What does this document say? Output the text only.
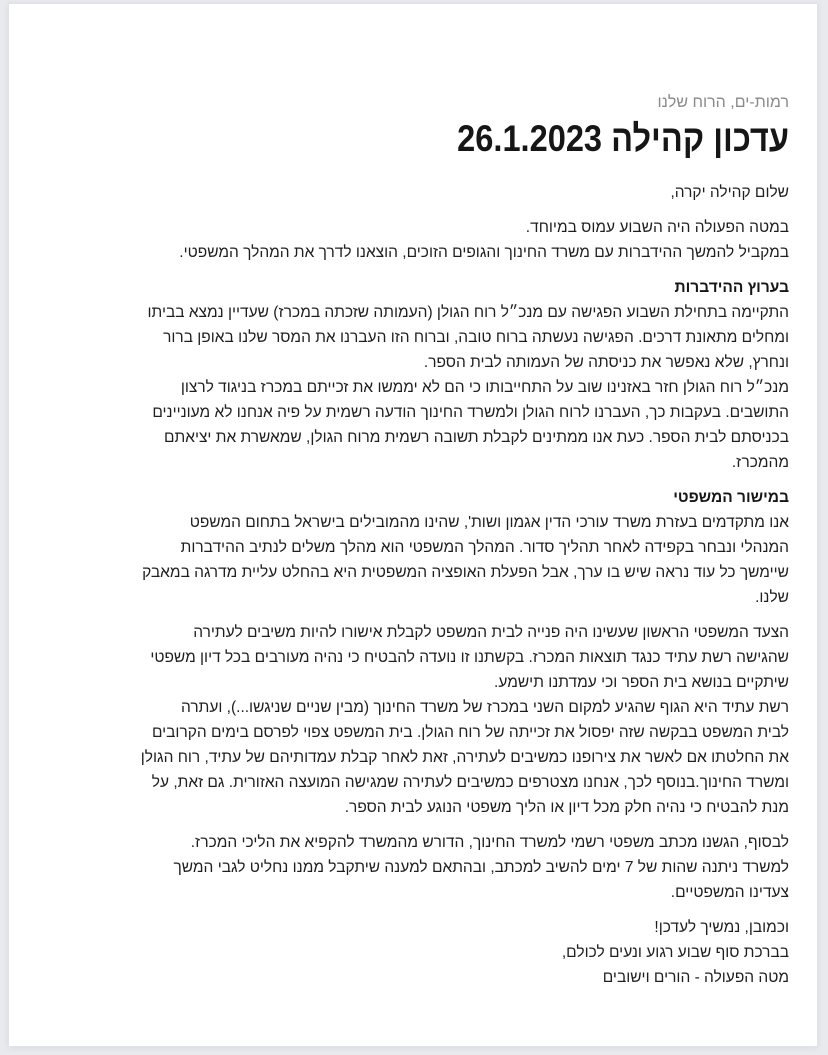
רמות-ים, הרוח שלנו
עדכון קהילה 26.1.2023

שלום קהילה יקרה,

במטה הפעולה היה השבוע עמוס במיוחד.
במקביל להמשך ההידברות עם משרד החינוך והגופים הזוכים, הוצאנו לדרך את המהלך המשפטי.
בערוץ ההידברות
התקיימה בתחילת השבוע הפגישה עם מנכ״ל רוח הגולן (העמותה שזכתה במכרז) שעדיין נמצא בביתו
ומחלים מתאונת דרכים. הפגישה נעשתה ברוח טובה, וברוח הזו העברנו את המסר שלנו באופן ברור
ונחרץ, שלא נאפשר את כניסתה של העמותה לבית הספר.
מנכ״ל רוח הגולן חזר באזנינו שוב על התחייבותו כי הם לא יממשו את זכייתם במכרז בניגוד לרצון
התושבים. בעקבות כך, העברנו לרוח הגולן ולמשרד החינוך הודעה רשמית על פיה אנחנו לא מעוניינים
בכניסתם לבית הספר. כעת אנו ממתינים לקבלת תשובה רשמית מרוח הגולן, שמאשרת את יציאתם
מהמכרז.
במישור המשפטי
אנו מתקדמים בעזרת משרד עורכי הדין אגמון ושות', שהינו מהמובילים בישראל בתחום המשפט
המנהלי ונבחר בקפידה לאחר תהליך סדור. המהלך המשפטי הוא מהלך משלים לנתיב ההידברות
שיימשך כל עוד נראה שיש בו ערך, אבל הפעלת האופציה המשפטית היא בהחלט עליית מדרגה במאבק
שלנו.
הצעד המשפטי הראשון שעשינו היה פנייה לבית המשפט לקבלת אישורו להיות משיבים לעתירה
שהגישה רשת עתיד כנגד תוצאות המכרז. בקשתנו זו נועדה להבטיח כי נהיה מעורבים בכל דיון משפטי
שיתקיים בנושא בית הספר וכי עמדתנו תישמע.
רשת עתיד היא הגוף שהגיע למקום השני במכרז של משרד החינוך (מבין שניים שניגשו...), ועתרה
לבית המשפט בבקשה שזה יפסול את זכייתה של רוח הגולן. בית המשפט צפוי לפרסם בימים הקרובים
את החלטתו אם לאשר את צירופנו כמשיבים לעתירה, זאת לאחר קבלת עמדותיהם של עתיד, רוח הגולן
ומשרד החינוך.בנוסף לכך, אנחנו מצטרפים כמשיבים לעתירה שמגישה המועצה האזורית. גם זאת, על
מנת להבטיח כי נהיה חלק מכל דיון או הליך משפטי הנוגע לבית הספר.
לבסוף, הגשנו מכתב משפטי רשמי למשרד החינוך, הדורש מהמשרד להקפיא את הליכי המכרז.
למשרד ניתנה שהות של 7 ימים להשיב למכתב, ובהתאם למענה שיתקבל ממנו נחליט לגבי המשך
צעדינו המשפטיים.
וכמובן, נמשיך לעדכן!
בברכת סוף שבוע רגוע ונעים לכולם,
מטה הפעולה - הורים וישובים
